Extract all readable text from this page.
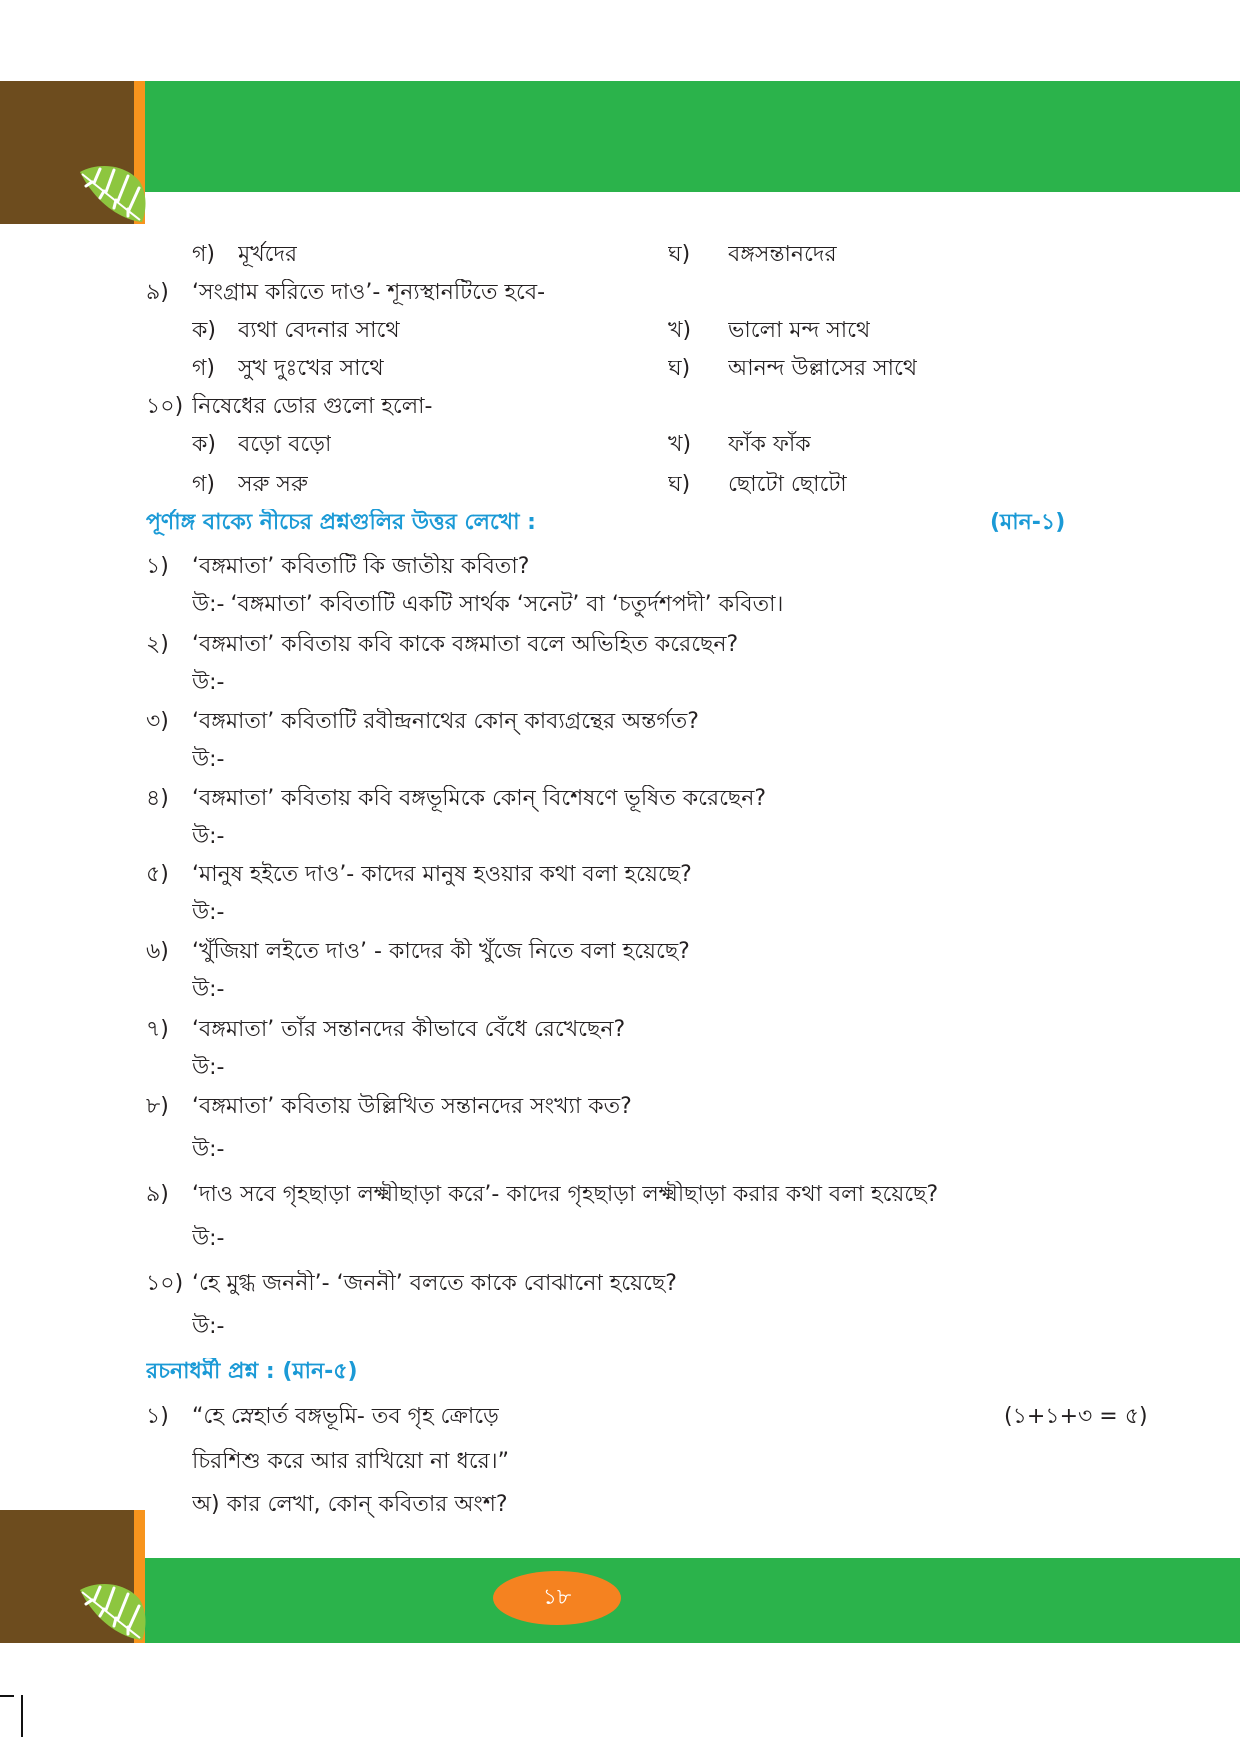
গ) মূর্খদের	ঘ) বঙ্গসন্তানদের
৯) ‘সংগ্রাম করিতে দাও’- শূন্যস্থানটিতে হবে-
ক) ব্যথা বেদনার সাথে	খ) ভালো মন্দ সাথে
গ) সুখ দুঃখের সাথে	ঘ) আনন্দ উল্লাসের সাথে
১০) নিষেধের ডোর গুলো হলো-
ক) বড়ো বড়ো	খ) ফাঁক ফাঁক
গ) সরু সরু	ঘ) ছোটো ছোটো
পূর্ণাঙ্গ বাক্যে নীচের প্রশ্নগুলির উত্তর লেখো :	(মান-১)
১) ‘বঙ্গমাতা’ কবিতাটি কি জাতীয় কবিতা?
উ:- ‘বঙ্গমাতা’ কবিতাটি একটি সার্থক ‘সনেট’ বা ‘চতুর্দশপদী’ কবিতা।
২) ‘বঙ্গমাতা’ কবিতায় কবি কাকে বঙ্গমাতা বলে অভিহিত করেছেন?
উ:-
৩) ‘বঙ্গমাতা’ কবিতাটি রবীন্দ্রনাথের কোন্ কাব্যগ্রন্থের অন্তর্গত?
উ:-
৪) ‘বঙ্গমাতা’ কবিতায় কবি বঙ্গভূমিকে কোন্ বিশেষণে ভূষিত করেছেন?
উ:-
৫) ‘মানুষ হইতে দাও’- কাদের মানুষ হওয়ার কথা বলা হয়েছে?
উ:-
৬) ‘খুঁজিয়া লইতে দাও’ - কাদের কী খুঁজে নিতে বলা হয়েছে?
উ:-
৭) ‘বঙ্গমাতা’ তাঁর সন্তানদের কীভাবে বেঁধে রেখেছেন?
উ:-
৮) ‘বঙ্গমাতা’ কবিতায় উল্লিখিত সন্তানদের সংখ্যা কত?
উ:-
৯) ‘দাও সবে গৃহছাড়া লক্ষ্মীছাড়া করে’- কাদের গৃহছাড়া লক্ষ্মীছাড়া করার কথা বলা হয়েছে?
উ:-
১০) ‘হে মুগ্ধ জননী’- ‘জননী’ বলতে কাকে বোঝানো হয়েছে?
উ:-
রচনাধর্মী প্রশ্ন : (মান-৫)
১) “হে স্নেহার্ত বঙ্গভূমি- তব গৃহ ক্রোড়ে	(১+১+৩ = ৫)
চিরশিশু করে আর রাখিয়ো না ধরে।”
অ) কার লেখা, কোন্ কবিতার অংশ?
১৮
